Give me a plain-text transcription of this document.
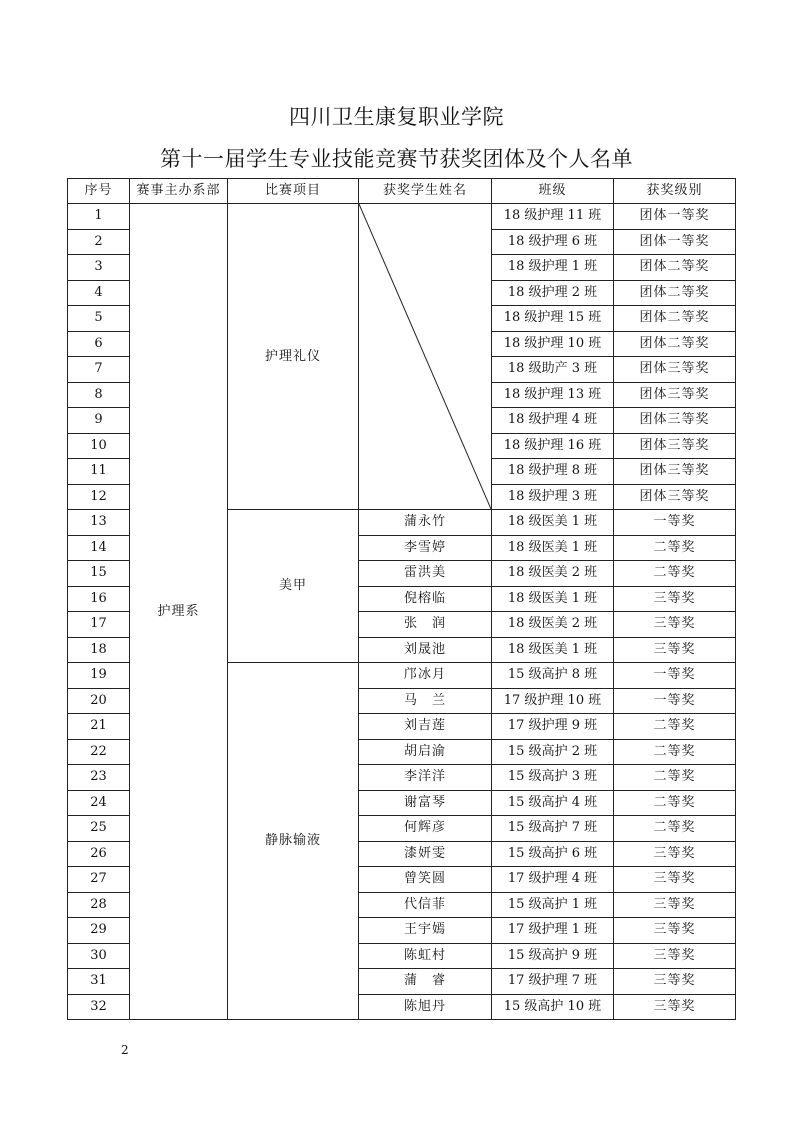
四川卫生康复职业学院
第十一届学生专业技能竞赛节获奖团体及个人名单
序号	赛事主办系部	比赛项目	获奖学生姓名	班级	获奖级别
1	护理系	护理礼仪		18 级护理 11 班	团体一等奖
2				18 级护理 6 班	团体一等奖
3				18 级护理 1 班	团体二等奖
4				18 级护理 2 班	团体二等奖
5				18 级护理 15 班	团体二等奖
6				18 级护理 10 班	团体二等奖
7				18 级助产 3 班	团体三等奖
8				18 级护理 13 班	团体三等奖
9				18 级护理 4 班	团体三等奖
10				18 级护理 16 班	团体三等奖
11				18 级护理 8 班	团体三等奖
12				18 级护理 3 班	团体三等奖
13		美甲	蒲永竹	18 级医美 1 班	一等奖
14			李雪婷	18 级医美 1 班	二等奖
15			雷洪美	18 级医美 2 班	二等奖
16			倪榕临	18 级医美 1 班	三等奖
17			张　润	18 级医美 2 班	三等奖
18			刘晟池	18 级医美 1 班	三等奖
19		静脉输液	邝冰月	15 级高护 8 班	一等奖
20			马　兰	17 级护理 10 班	一等奖
21			刘吉莲	17 级护理 9 班	二等奖
22			胡启渝	15 级高护 2 班	二等奖
23			李洋洋	15 级高护 3 班	二等奖
24			谢富琴	15 级高护 4 班	二等奖
25			何辉彦	15 级高护 7 班	二等奖
26			漆妍雯	15 级高护 6 班	三等奖
27			曾笑圆	17 级护理 4 班	三等奖
28			代信菲	15 级高护 1 班	三等奖
29			王宇嫣	17 级护理 1 班	三等奖
30			陈虹村	15 级高护 9 班	三等奖
31			蒲　睿	17 级护理 7 班	三等奖
32			陈旭丹	15 级高护 10 班	三等奖
2
